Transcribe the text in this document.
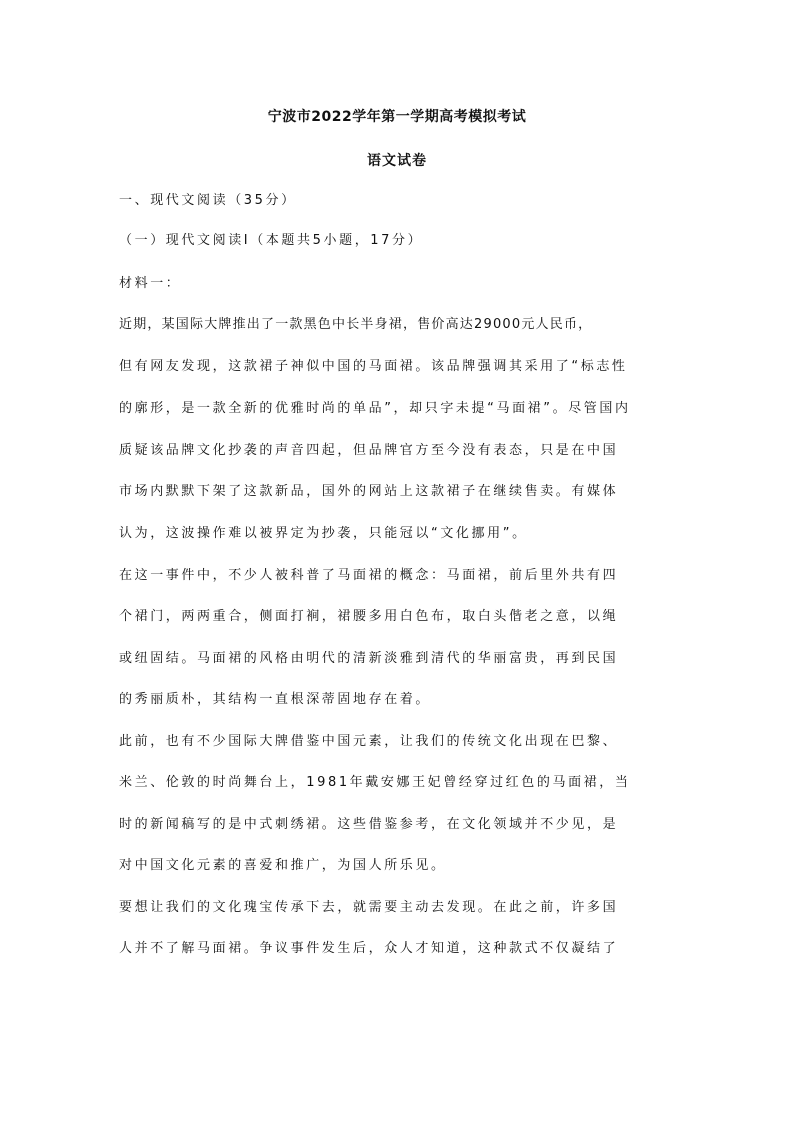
宁波市2022学年第一学期高考模拟考试
语文试卷
一、现代文阅读（35分）
（一）现代文阅读Ⅰ（本题共5小题，17分）
材料一：
近期，某国际大牌推出了一款黑色中长半身裙，售价高达29000元人民币，
但有网友发现，这款裙子神似中国的马面裙。该品牌强调其采用了“标志性
的廓形，是一款全新的优雅时尚的单品”，却只字未提“马面裙”。尽管国内
质疑该品牌文化抄袭的声音四起，但品牌官方至今没有表态，只是在中国
市场内默默下架了这款新品，国外的网站上这款裙子在继续售卖。有媒体
认为，这波操作难以被界定为抄袭，只能冠以“文化挪用”。
在这一事件中，不少人被科普了马面裙的概念：马面裙，前后里外共有四
个裙门，两两重合，侧面打裥，裙腰多用白色布，取白头偕老之意，以绳
或纽固结。马面裙的风格由明代的清新淡雅到清代的华丽富贵，再到民国
的秀丽质朴，其结构一直根深蒂固地存在着。
此前，也有不少国际大牌借鉴中国元素，让我们的传统文化出现在巴黎、
米兰、伦敦的时尚舞台上，1981年戴安娜王妃曾经穿过红色的马面裙，当
时的新闻稿写的是中式刺绣裙。这些借鉴参考，在文化领域并不少见，是
对中国文化元素的喜爱和推广，为国人所乐见。
要想让我们的文化瑰宝传承下去，就需要主动去发现。在此之前，许多国
人并不了解马面裙。争议事件发生后，众人才知道，这种款式不仅凝结了
